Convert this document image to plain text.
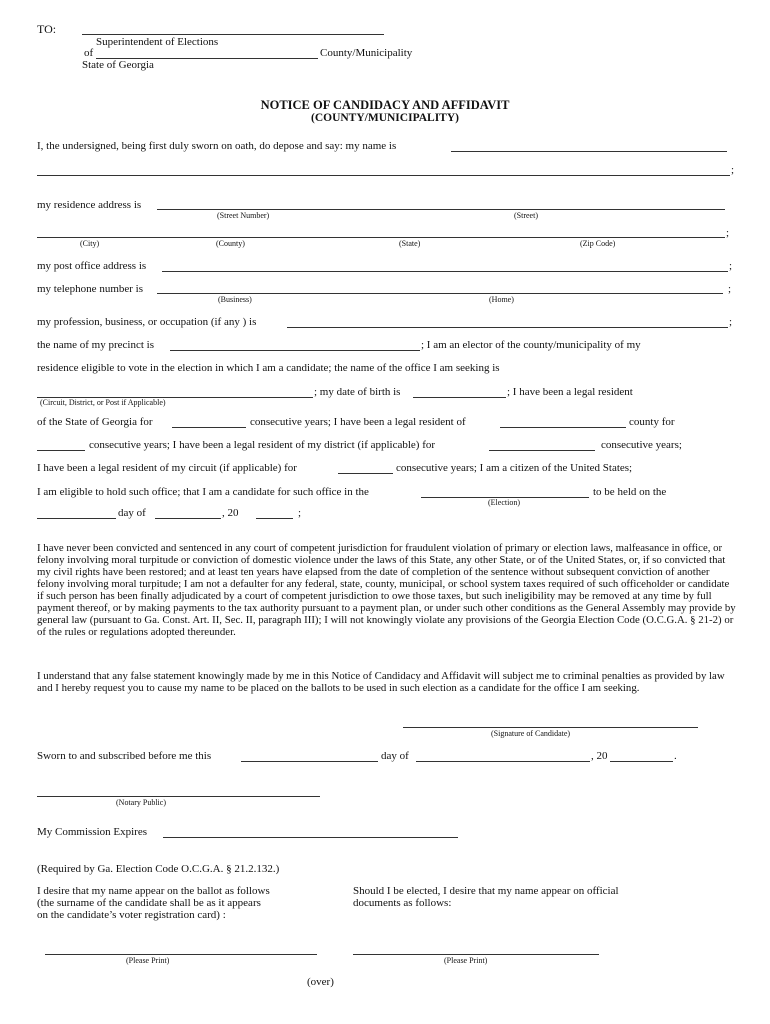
TO:
Superintendent of Elections
of	County/Municipality
State of Georgia
NOTICE OF CANDIDACY AND AFFIDAVIT
(COUNTY/MUNICIPALITY)
I, the undersigned, being first duly sworn on oath, do depose and say: my name is
;
my residence address is
(Street Number)	(Street)
;
(City)	(County)	(State)	(Zip Code)
my post office address is	;
my telephone number is	;
(Business)	(Home)
my profession, business, or occupation (if any ) is	;
the name of my precinct is	; I am an elector of the county/municipality of my
residence eligible to vote in the election in which I am a candidate; the name of the office I am seeking is
; my date of birth is	; I have been a legal resident
(Circuit, District, or Post if Applicable)
of the State of Georgia for	consecutive years; I have been a legal resident of	county for
consecutive years; I have been a legal resident of my district (if applicable) for	consecutive years;
I have been a legal resident of my circuit (if applicable) for	consecutive years; I am a citizen of the United States;
I am eligible to hold such office; that I am a candidate for such office in the	to be held on the
(Election)
day of	, 20	;
I have never been convicted and sentenced in any court of competent jurisdiction for fraudulent violation of primary or election laws, malfeasance in office, or felony involving moral turpitude or conviction of domestic violence under the laws of this State, any other State, or of the United States, or, if so convicted that my civil rights have been restored; and at least ten years have elapsed from the date of completion of the sentence without subsequent conviction of another felony involving moral turpitude; I am not a defaulter for any federal, state, county, municipal, or school system taxes required of such officeholder or candidate if such person has been finally adjudicated by a court of competent jurisdiction to owe those taxes, but such ineligibility may be removed at any time by full payment thereof, or by making payments to the tax authority pursuant to a payment plan, or under such other conditions as the General Assembly may provide by general law (pursuant to Ga. Const. Art. II, Sec. II, paragraph III); I will not knowingly violate any provisions of the Georgia Election Code (O.C.G.A. § 21-2) or of the rules or regulations adopted thereunder.
I understand that any false statement knowingly made by me in this Notice of Candidacy and Affidavit will subject me to criminal penalties as provided by law and I hereby request you to cause my name to be placed on the ballots to be used in such election as a candidate for the office I am seeking.
(Signature of Candidate)
Sworn to and subscribed before me this	day of	, 20	.
(Notary Public)
My Commission Expires
(Required by Ga. Election Code O.C.G.A. § 21.2.132.)
I desire that my name appear on the ballot as follows
(the surname of the candidate shall be as it appears
on the candidate’s voter registration card) :
Should I be elected, I desire that my name appear on official
documents as follows:
(Please Print)	(Please Print)
(over)
